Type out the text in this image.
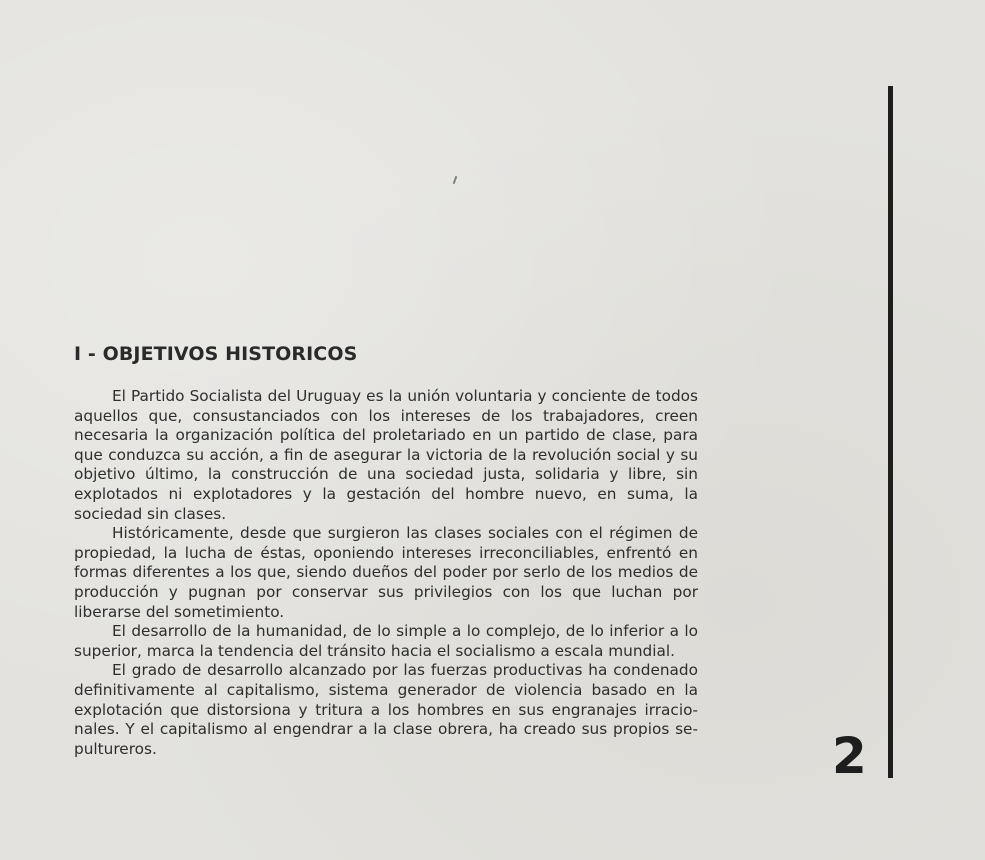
I - OBJETIVOS HISTORICOS

El Partido Socialista del Uruguay es la unión voluntaria y conciente de todos aquellos que, consustanciados con los intereses de los trabajadores, creen necesaria la organización política del proletariado en un partido de clase, para que conduzca su acción, a fin de asegurar la victoria de la revolución social y su objetivo último, la construcción de una sociedad justa, solidaria y libre, sin explotados ni explotadores y la gestación del hombre nuevo, en suma, la sociedad sin clases.

Históricamente, desde que surgieron las clases sociales con el régimen de propiedad, la lucha de éstas, oponiendo intereses irreconciliables, enfrentó en formas diferentes a los que, siendo dueños del poder por serlo de los medios de producción y pugnan por conservar sus privilegios con los que luchan por liberarse del sometimiento.

El desarrollo de la humanidad, de lo simple a lo complejo, de lo inferior a lo superior, marca la tendencia del tránsito hacia el socialismo a escala mundial.

El grado de desarrollo alcanzado por las fuerzas productivas ha condenado definitivamente al capitalismo, sistema generador de violencia basado en la explotación que distorsiona y tritura a los hombres en sus engranajes irracionales. Y el capitalismo al engendrar a la clase obrera, ha creado sus propios sepultureros.	2
